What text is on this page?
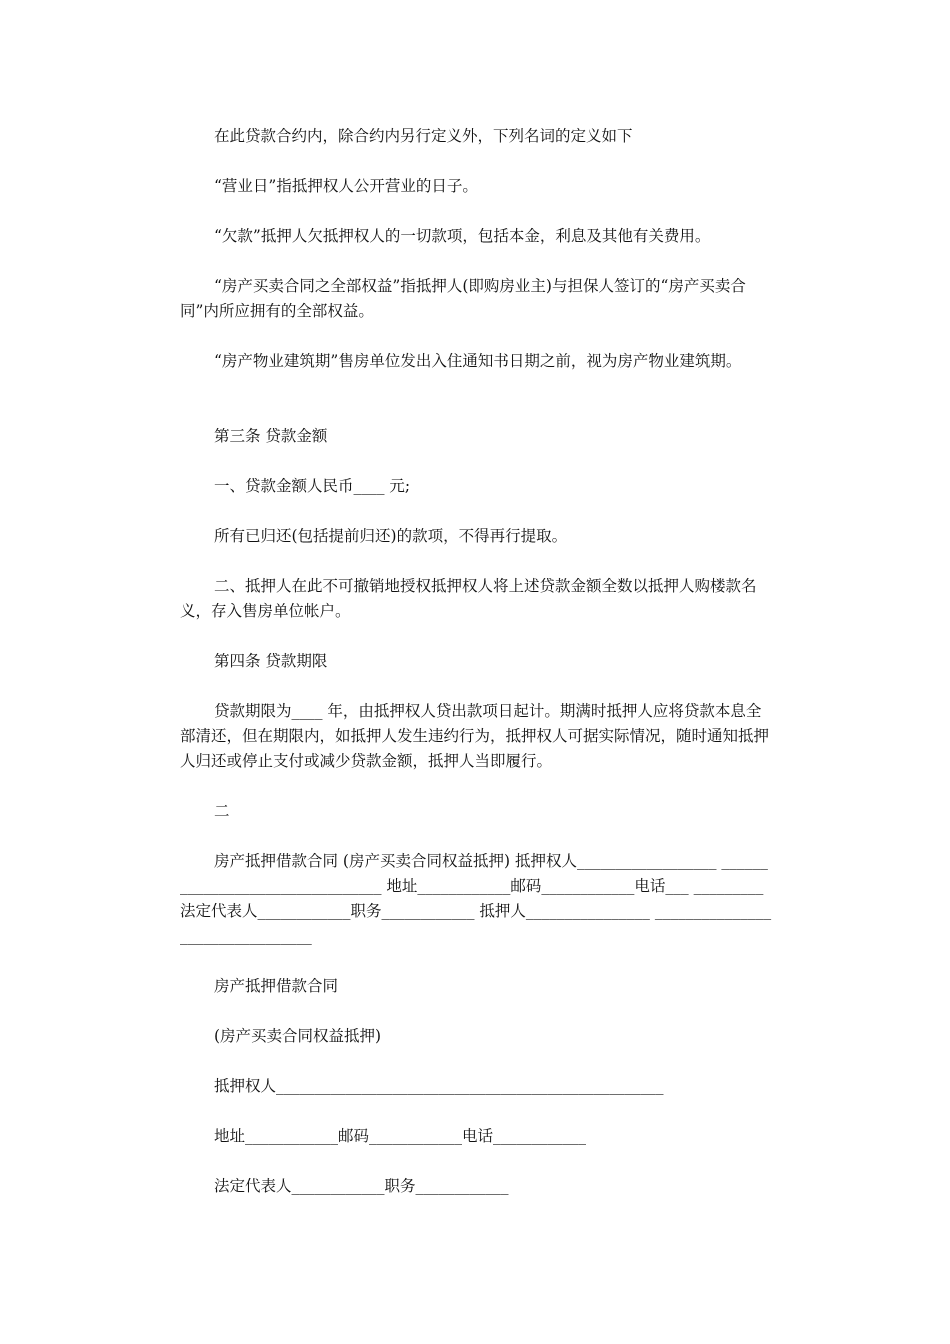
在此贷款合约内，除合约内另行定义外，下列名词的定义如下

“营业日”指抵押权人公开营业的日子。

“欠款”抵押人欠抵押权人的一切款项，包括本金，利息及其他有关费用。

“房产买卖合同之全部权益”指抵押人(即购房业主)与担保人签订的“房产买卖合同”内所应拥有的全部权益。

“房产物业建筑期”售房单位发出入住通知书日期之前，视为房产物业建筑期。

第三条 贷款金额

一、贷款金额人民币____ 元;

所有已归还(包括提前归还)的款项，不得再行提取。

二、抵押人在此不可撤销地授权抵押权人将上述贷款金额全数以抵押人购楼款名义，存入售房单位帐户。

第四条 贷款期限

贷款期限为____ 年，由抵押权人贷出款项日起计。期满时抵押人应将贷款本息全部清还，但在期限内，如抵押人发生违约行为，抵押权人可据实际情况，随时通知抵押人归还或停止支付或减少贷款金额，抵押人当即履行。

二

房产抵押借款合同 (房产买卖合同权益抵押) 抵押权人__________________ ________________________________ 地址____________邮码____________电话___ _________ 法定代表人____________职务____________ 抵押人________________ ________________________________

房产抵押借款合同

(房产买卖合同权益抵押)

抵押权人__________________________________________________

地址____________邮码____________电话____________

法定代表人____________职务____________
